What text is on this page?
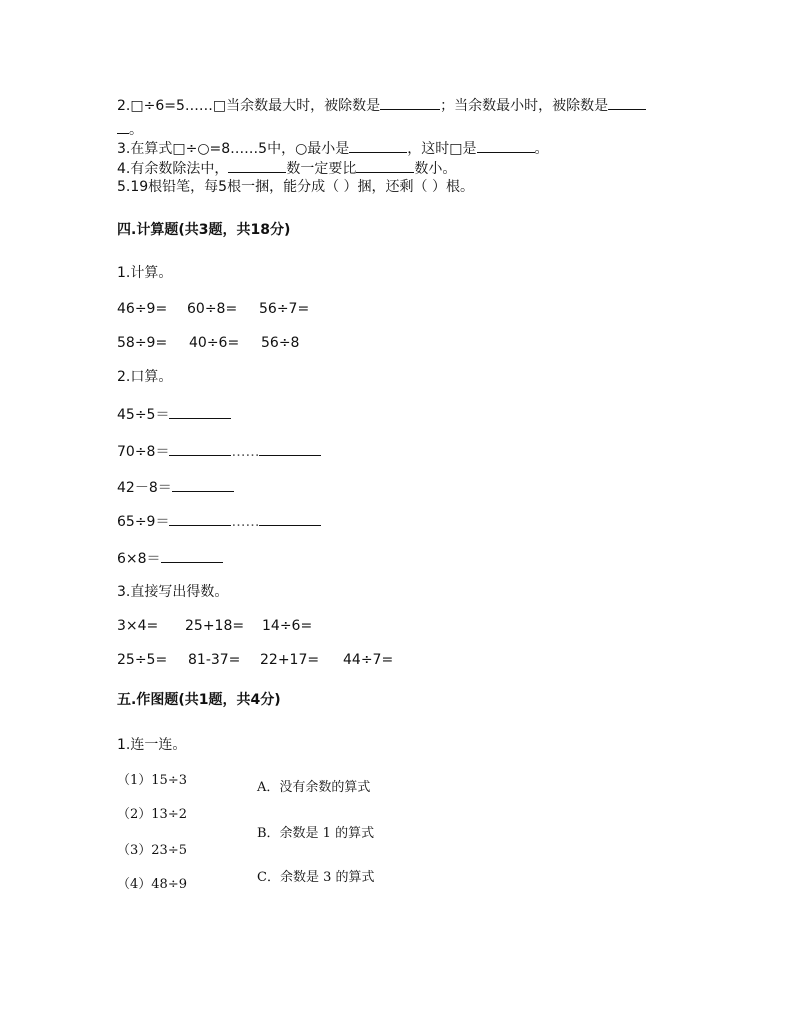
2.□÷6=5……□当余数最大时，被除数是	；当余数最小时，被除数是
。
3.在算式□÷○=8……5中，○最小是	，这时□是	。
4.有余数除法中，	数一定要比	数小。
5.19根铅笔，每5根一捆，能分成（ ）捆，还剩（ ）根。
四.计算题(共3题，共18分)
1.计算。
46÷9= 60÷8= 56÷7=
58÷9= 40÷6= 56÷8
2.口算。
45÷5＝
70÷8＝	……
42－8＝
65÷9＝	……
6×8＝
3.直接写出得数。
3×4= 25+18= 14÷6=
25÷5= 81-37= 22+17= 44÷7=
五.作图题(共1题，共4分)
1.连一连。
（1）15÷3
（2）13÷2
（3）23÷5
（4）48÷9
A．没有余数的算式
B．余数是 1 的算式
C．余数是 3 的算式
